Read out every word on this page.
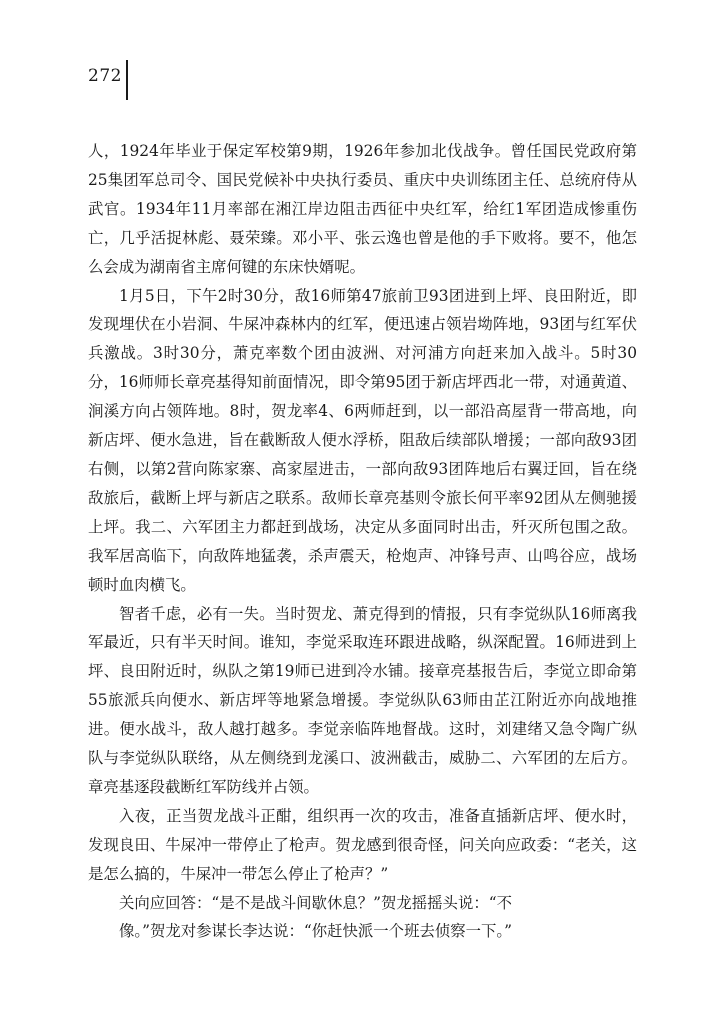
272

人，1924年毕业于保定军校第9期，1926年参加北伐战争。曾任国民党政府第25集团军总司令、国民党候补中央执行委员、重庆中央训练团主任、总统府侍从武官。1934年11月率部在湘江岸边阻击西征中央红军，给红1军团造成惨重伤亡，几乎活捉林彪、聂荣臻。邓小平、张云逸也曾是他的手下败将。要不，他怎么会成为湖南省主席何键的东床快婿呢。

1月5日，下午2时30分，敌16师第47旅前卫93团进到上坪、良田附近，即发现埋伏在小岩洞、牛屎冲森林内的红军，便迅速占领岩坳阵地，93团与红军伏兵激战。3时30分，萧克率数个团由波洲、对河浦方向赶来加入战斗。5时30分，16师师长章亮基得知前面情况，即令第95团于新店坪西北一带，对通黄道、涧溪方向占领阵地。8时，贺龙率4、6两师赶到，以一部沿高屋背一带高地，向新店坪、便水急进，旨在截断敌人便水浮桥，阻敌后续部队增援；一部向敌93团右侧，以第2营向陈家寨、高家屋进击，一部向敌93团阵地后右翼迂回，旨在绕敌旅后，截断上坪与新店之联系。敌师长章亮基则令旅长何平率92团从左侧驰援上坪。我二、六军团主力都赶到战场，决定从多面同时出击，歼灭所包围之敌。我军居高临下，向敌阵地猛袭，杀声震天，枪炮声、冲锋号声、山鸣谷应，战场顿时血肉横飞。

智者千虑，必有一失。当时贺龙、萧克得到的情报，只有李觉纵队16师离我军最近，只有半天时间。谁知，李觉采取连环跟进战略，纵深配置。16师进到上坪、良田附近时，纵队之第19师已进到冷水铺。接章亮基报告后，李觉立即命第55旅派兵向便水、新店坪等地紧急增援。李觉纵队63师由芷江附近亦向战地推进。便水战斗，敌人越打越多。李觉亲临阵地督战。这时，刘建绪又急令陶广纵队与李觉纵队联络，从左侧绕到龙溪口、波洲截击，威胁二、六军团的左后方。章亮基逐段截断红军防线并占领。

入夜，正当贺龙战斗正酣，组织再一次的攻击，准备直插新店坪、便水时，发现良田、牛屎冲一带停止了枪声。贺龙感到很奇怪，问关向应政委：“老关，这是怎么搞的，牛屎冲一带怎么停止了枪声？”

关向应回答：“是不是战斗间歇休息？”贺龙摇摇头说：“不像。”贺龙对参谋长李达说：“你赶快派一个班去侦察一下。”
